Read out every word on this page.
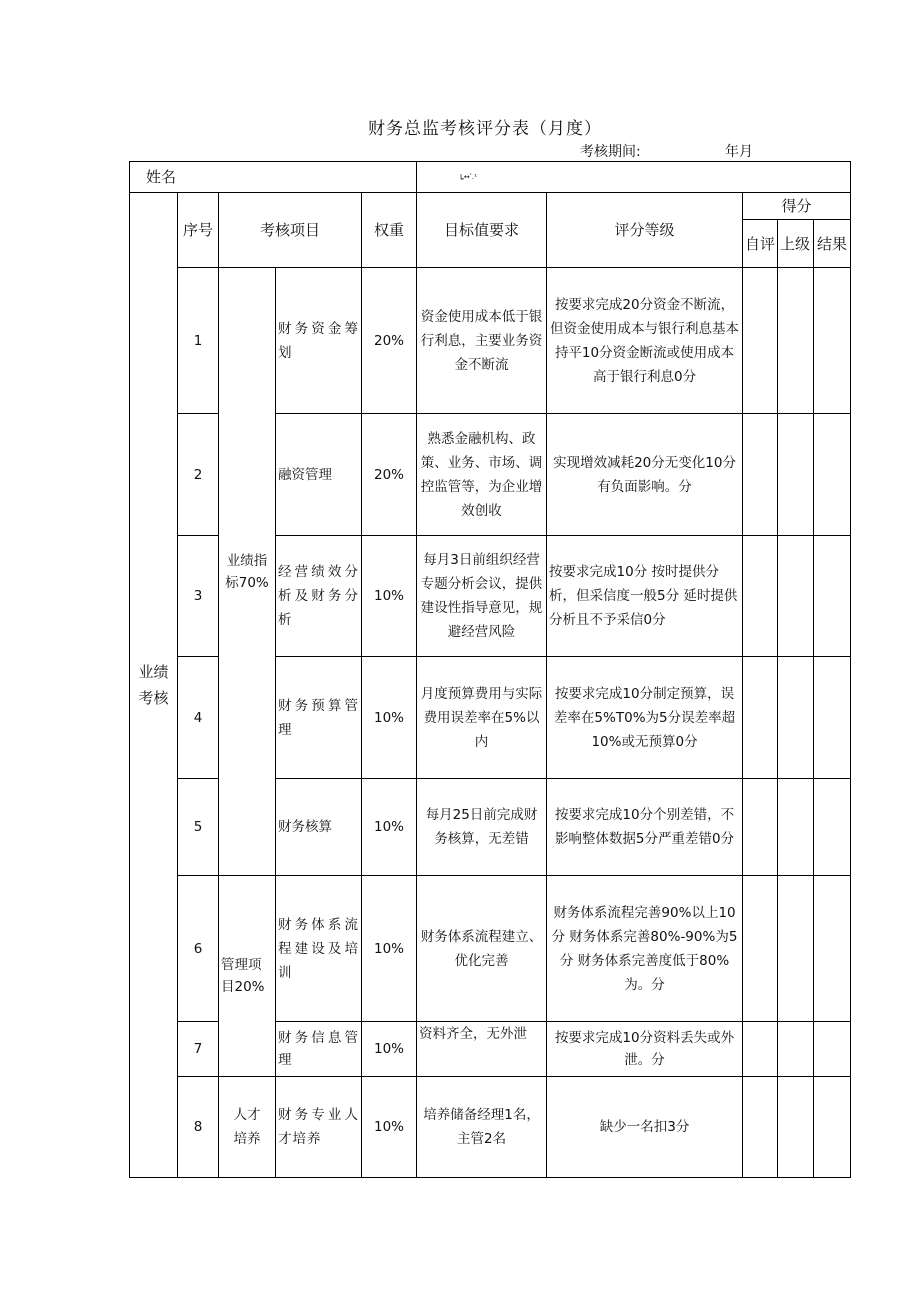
财务总监考核评分表（月度）
考核期间:	年月
姓名					Ḻ↔ʹ․¹				
业绩考核	序号	考核项目		权重	目标值要求	评分等级	得分		
							自评	上级	结果
	1	业绩指标70%	财务资金筹划	20%	资金使用成本低于银行利息，主要业务资金不断流	按要求完成20分资金不断流，但资金使用成本与银行利息基本持平10分资金断流或使用成本高于银行利息0分			
	2		融资管理	20%	熟悉金融机构、政策、业务、市场、调控监管等，为企业增效创收	实现增效减耗20分无变化10分有负面影响。分			
	3		经营绩效分析及财务分析	10%	每月3日前组织经营专题分析会议，提供建设性指导意见，规避经营风险	按要求完成10分 按时提供分析，但采信度一般5分 延时提供分析且不予采信0分			
	4		财务预算管理	10%	月度预算费用与实际费用误差率在5%以内	按要求完成10分制定预算，误差率在5%T0%为5分误差率超10%或无预算0分			
	5		财务核算	10%	每月25日前完成财务核算，无差错	按要求完成10分个别差错，不影响整体数据5分严重差错0分			
	6	管理项目20%	财务体系流程建设及培训	10%	财务体系流程建立、优化完善	财务体系流程完善90%以上10分 财务体系完善80%-90%为5分 财务体系完善度低于80%为。分			
	7		财务信息管理	10%	资料齐全，无外泄	按要求完成10分资料丢失或外泄。分			
	8	人才培养	财务专业人才培养	10%	培养储备经理1名，主管2名	缺少一名扣3分			
